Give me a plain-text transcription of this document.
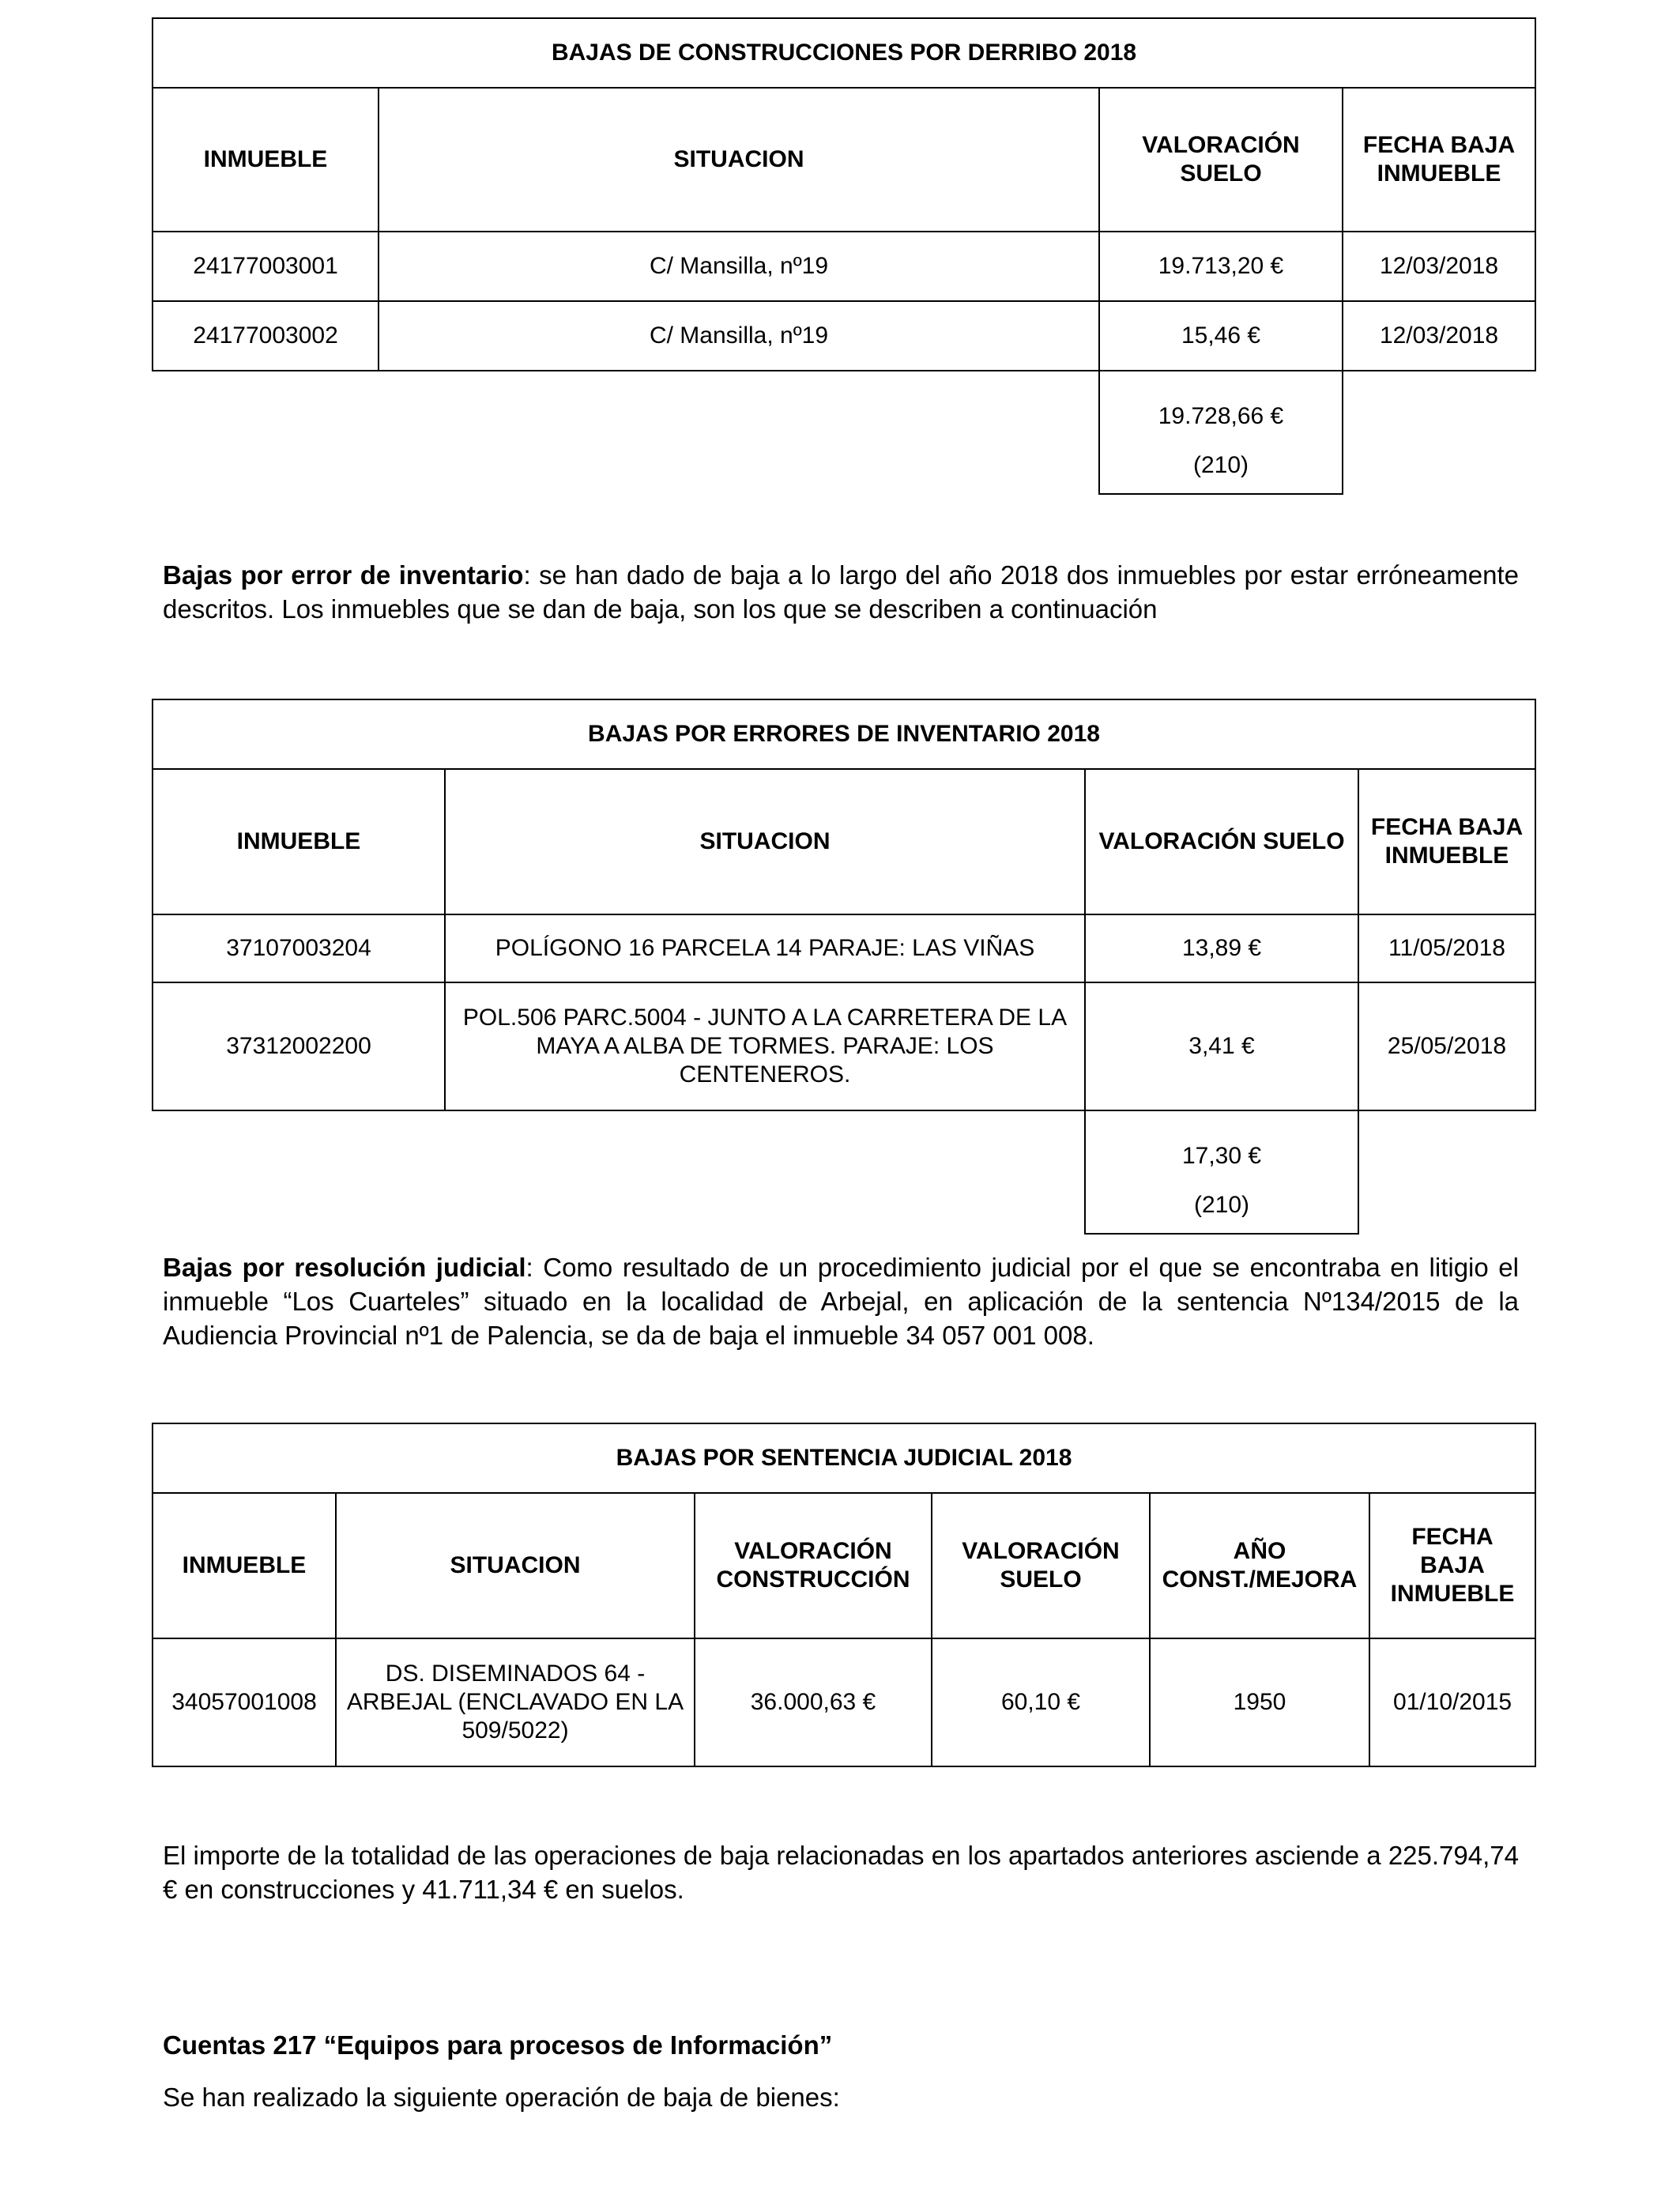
BAJAS DE CONSTRUCCIONES POR DERRIBO 2018			
INMUEBLE	SITUACION	VALORACIÓN SUELO	FECHA BAJA INMUEBLE
24177003001	C/ Mansilla, nº19	19.713,20 €	12/03/2018
24177003002	C/ Mansilla, nº19	15,46 €	12/03/2018

		19.728,66 €
(210)	

Bajas por error de inventario: se han dado de baja a lo largo del año 2018 dos inmuebles por estar erróneamente descritos. Los inmuebles que se dan de baja, son los que se describen a continuación

BAJAS POR ERRORES DE INVENTARIO 2018			
INMUEBLE	SITUACION	VALORACIÓN SUELO	FECHA BAJA INMUEBLE
37107003204	POLÍGONO 16 PARCELA 14 PARAJE: LAS VIÑAS	13,89 €	11/05/2018
37312002200	POL.506 PARC.5004 - JUNTO A LA CARRETERA DE LA MAYA A ALBA DE TORMES. PARAJE: LOS CENTENEROS.	3,41 €	25/05/2018

		17,30 €
(210)	

Bajas por resolución judicial: Como resultado de un procedimiento judicial por el que se encontraba en litigio el inmueble “Los Cuarteles” situado en la localidad de Arbejal, en aplicación de la sentencia Nº134/2015 de la Audiencia Provincial nº1 de Palencia, se da de baja el inmueble 34 057 001 008.

BAJAS POR SENTENCIA JUDICIAL 2018					
INMUEBLE	SITUACION	VALORACIÓN CONSTRUCCIÓN	VALORACIÓN SUELO	AÑO CONST./MEJORA	FECHA BAJA INMUEBLE
34057001008	DS. DISEMINADOS 64 - ARBEJAL (ENCLAVADO EN LA 509/5022)	36.000,63 €	60,10 €	1950	01/10/2015

El importe de la totalidad de las operaciones de baja relacionadas en los apartados anteriores asciende a 225.794,74 € en construcciones y 41.711,34 € en suelos.

Cuentas 217 “Equipos para procesos de Información”

Se han realizado la siguiente operación de baja de bienes:
